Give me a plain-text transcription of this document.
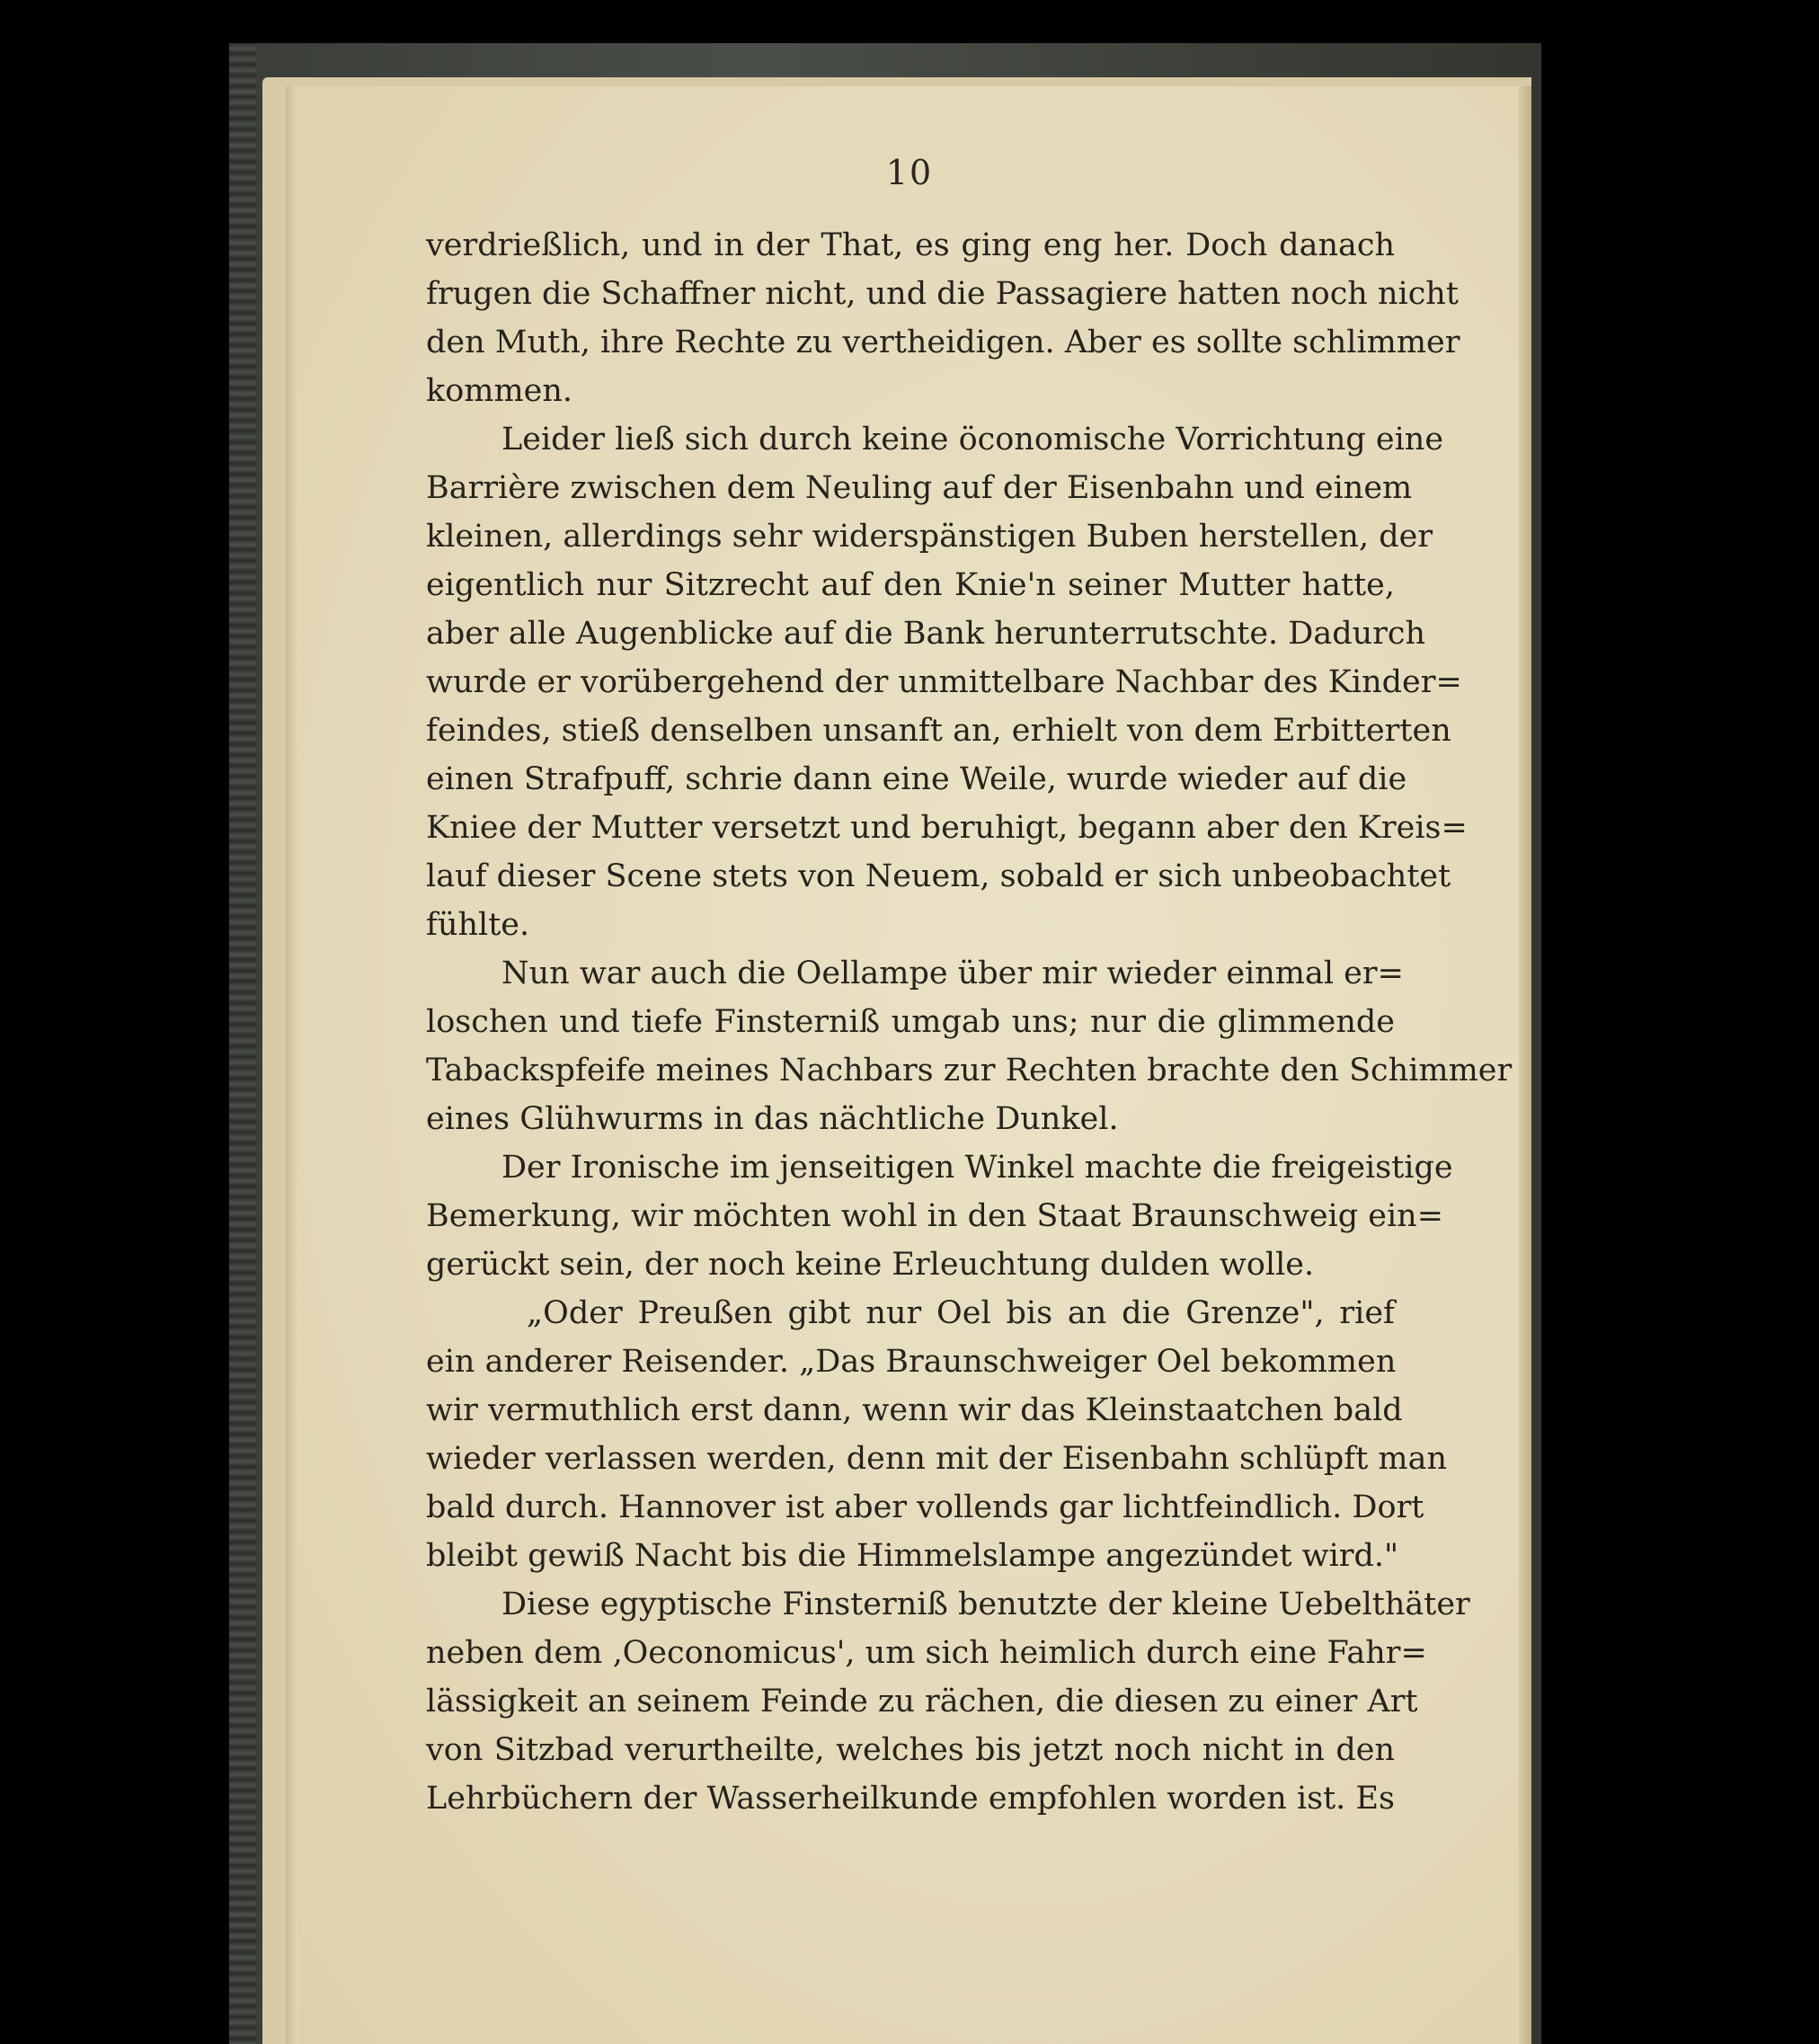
10
verdrießlich, und in der That, es ging eng her. Doch danach
frugen die Schaffner nicht, und die Passagiere hatten noch nicht
den Muth, ihre Rechte zu vertheidigen. Aber es sollte schlimmer
kommen.
Leider ließ sich durch keine öconomische Vorrichtung eine
Barrière zwischen dem Neuling auf der Eisenbahn und einem
kleinen, allerdings sehr widerspänstigen Buben herstellen, der
eigentlich nur Sitzrecht auf den Knie'n seiner Mutter hatte,
aber alle Augenblicke auf die Bank herunterrutschte. Dadurch
wurde er vorübergehend der unmittelbare Nachbar des Kinder=
feindes, stieß denselben unsanft an, erhielt von dem Erbitterten
einen Strafpuff, schrie dann eine Weile, wurde wieder auf die
Kniee der Mutter versetzt und beruhigt, begann aber den Kreis=
lauf dieser Scene stets von Neuem, sobald er sich unbeobachtet
fühlte.
Nun war auch die Oellampe über mir wieder einmal er=
loschen und tiefe Finsterniß umgab uns; nur die glimmende
Tabackspfeife meines Nachbars zur Rechten brachte den Schimmer
eines Glühwurms in das nächtliche Dunkel.
Der Ironische im jenseitigen Winkel machte die freigeistige
Bemerkung, wir möchten wohl in den Staat Braunschweig ein=
gerückt sein, der noch keine Erleuchtung dulden wolle.
„Oder Preußen gibt nur Oel bis an die Grenze", rief
ein anderer Reisender. „Das Braunschweiger Oel bekommen
wir vermuthlich erst dann, wenn wir das Kleinstaatchen bald
wieder verlassen werden, denn mit der Eisenbahn schlüpft man
bald durch. Hannover ist aber vollends gar lichtfeindlich. Dort
bleibt gewiß Nacht bis die Himmelslampe angezündet wird."
Diese egyptische Finsterniß benutzte der kleine Uebelthäter
neben dem ‚Oeconomicus', um sich heimlich durch eine Fahr=
lässigkeit an seinem Feinde zu rächen, die diesen zu einer Art
von Sitzbad verurtheilte, welches bis jetzt noch nicht in den
Lehrbüchern der Wasserheilkunde empfohlen worden ist. Es
